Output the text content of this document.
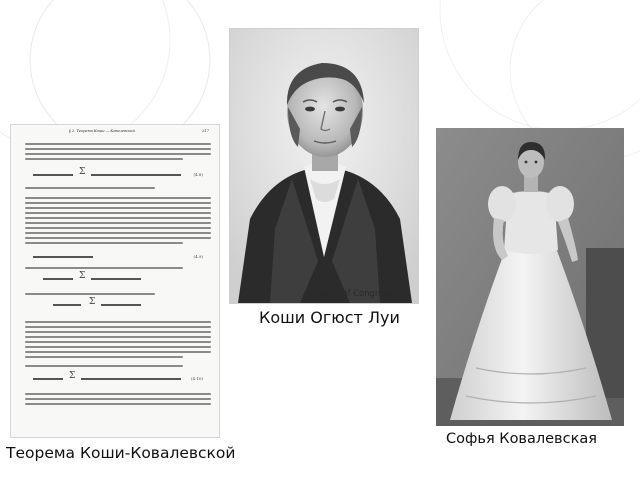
§ 2. Теорема Коши — Ковалевской	217
Σ	(4.8)
(4.9)
Σ
Σ
Σ	(4.10)
Library of Congress
Коши Огюст Луи
Софья Ковалевская
Теорема Коши-Ковалевской
